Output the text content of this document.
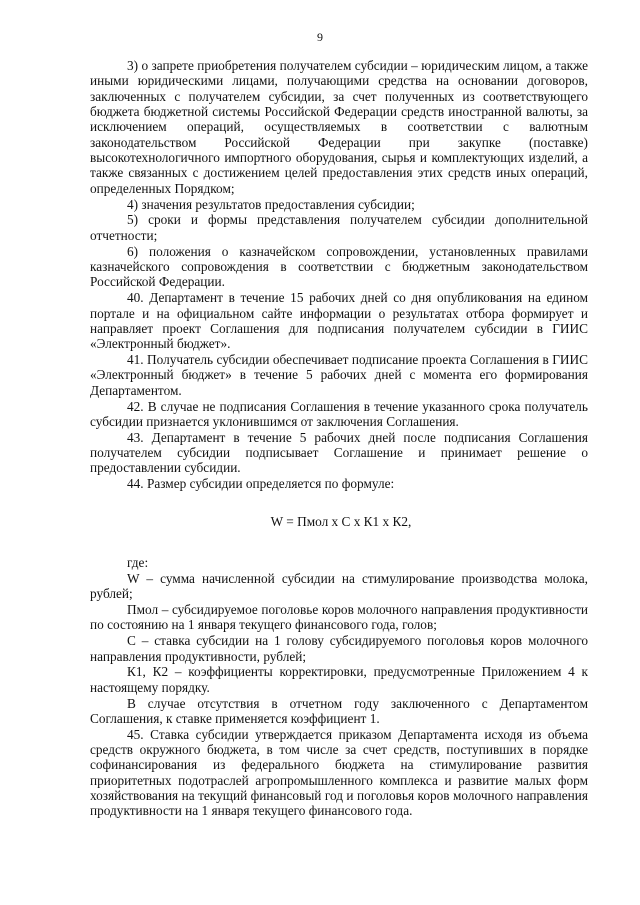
9

3) о запрете приобретения получателем субсидии – юридическим лицом, а также иными юридическими лицами, получающими средства на основании договоров, заключенных с получателем субсидии, за счет полученных из соответствующего бюджета бюджетной системы Российской Федерации средств иностранной валюты, за исключением операций, осуществляемых в соответствии с валютным законодательством Российской Федерации при закупке (поставке) высокотехнологичного импортного оборудования, сырья и комплектующих изделий, а также связанных с достижением целей предоставления этих средств иных операций, определенных Порядком;

4) значения результатов предоставления субсидии;

5) сроки и формы представления получателем субсидии дополнительной отчетности;

6) положения о казначейском сопровождении, установленных правилами казначейского сопровождения в соответствии с бюджетным законодательством Российской Федерации.

40. Департамент в течение 15 рабочих дней со дня опубликования на едином портале и на официальном сайте информации о результатах отбора формирует и направляет проект Соглашения для подписания получателем субсидии в ГИИС «Электронный бюджет».

41. Получатель субсидии обеспечивает подписание проекта Соглашения в ГИИС «Электронный бюджет» в течение 5 рабочих дней с момента его формирования Департаментом.

42. В случае не подписания Соглашения в течение указанного срока получатель субсидии признается уклонившимся от заключения Соглашения.

43. Департамент в течение 5 рабочих дней после подписания Соглашения получателем субсидии подписывает Соглашение и принимает решение о предоставлении субсидии.

44. Размер субсидии определяется по формуле:

W = Пмол x С x К1 x К2,

где:

W – сумма начисленной субсидии на стимулирование производства молока, рублей;

Пмол – субсидируемое поголовье коров молочного направления продуктивности по состоянию на 1 января текущего финансового года, голов;

С – ставка субсидии на 1 голову субсидируемого поголовья коров молочного направления продуктивности, рублей;

К1, К2 – коэффициенты корректировки, предусмотренные Приложением 4 к настоящему порядку.

В случае отсутствия в отчетном году заключенного с Департаментом Соглашения, к ставке применяется коэффициент 1.

45. Ставка субсидии утверждается приказом Департамента исходя из объема средств окружного бюджета, в том числе за счет средств, поступивших в порядке софинансирования из федерального бюджета на стимулирование развития приоритетных подотраслей агропромышленного комплекса и развитие малых форм хозяйствования на текущий финансовый год и поголовья коров молочного направления продуктивности на 1 января текущего финансового года.
